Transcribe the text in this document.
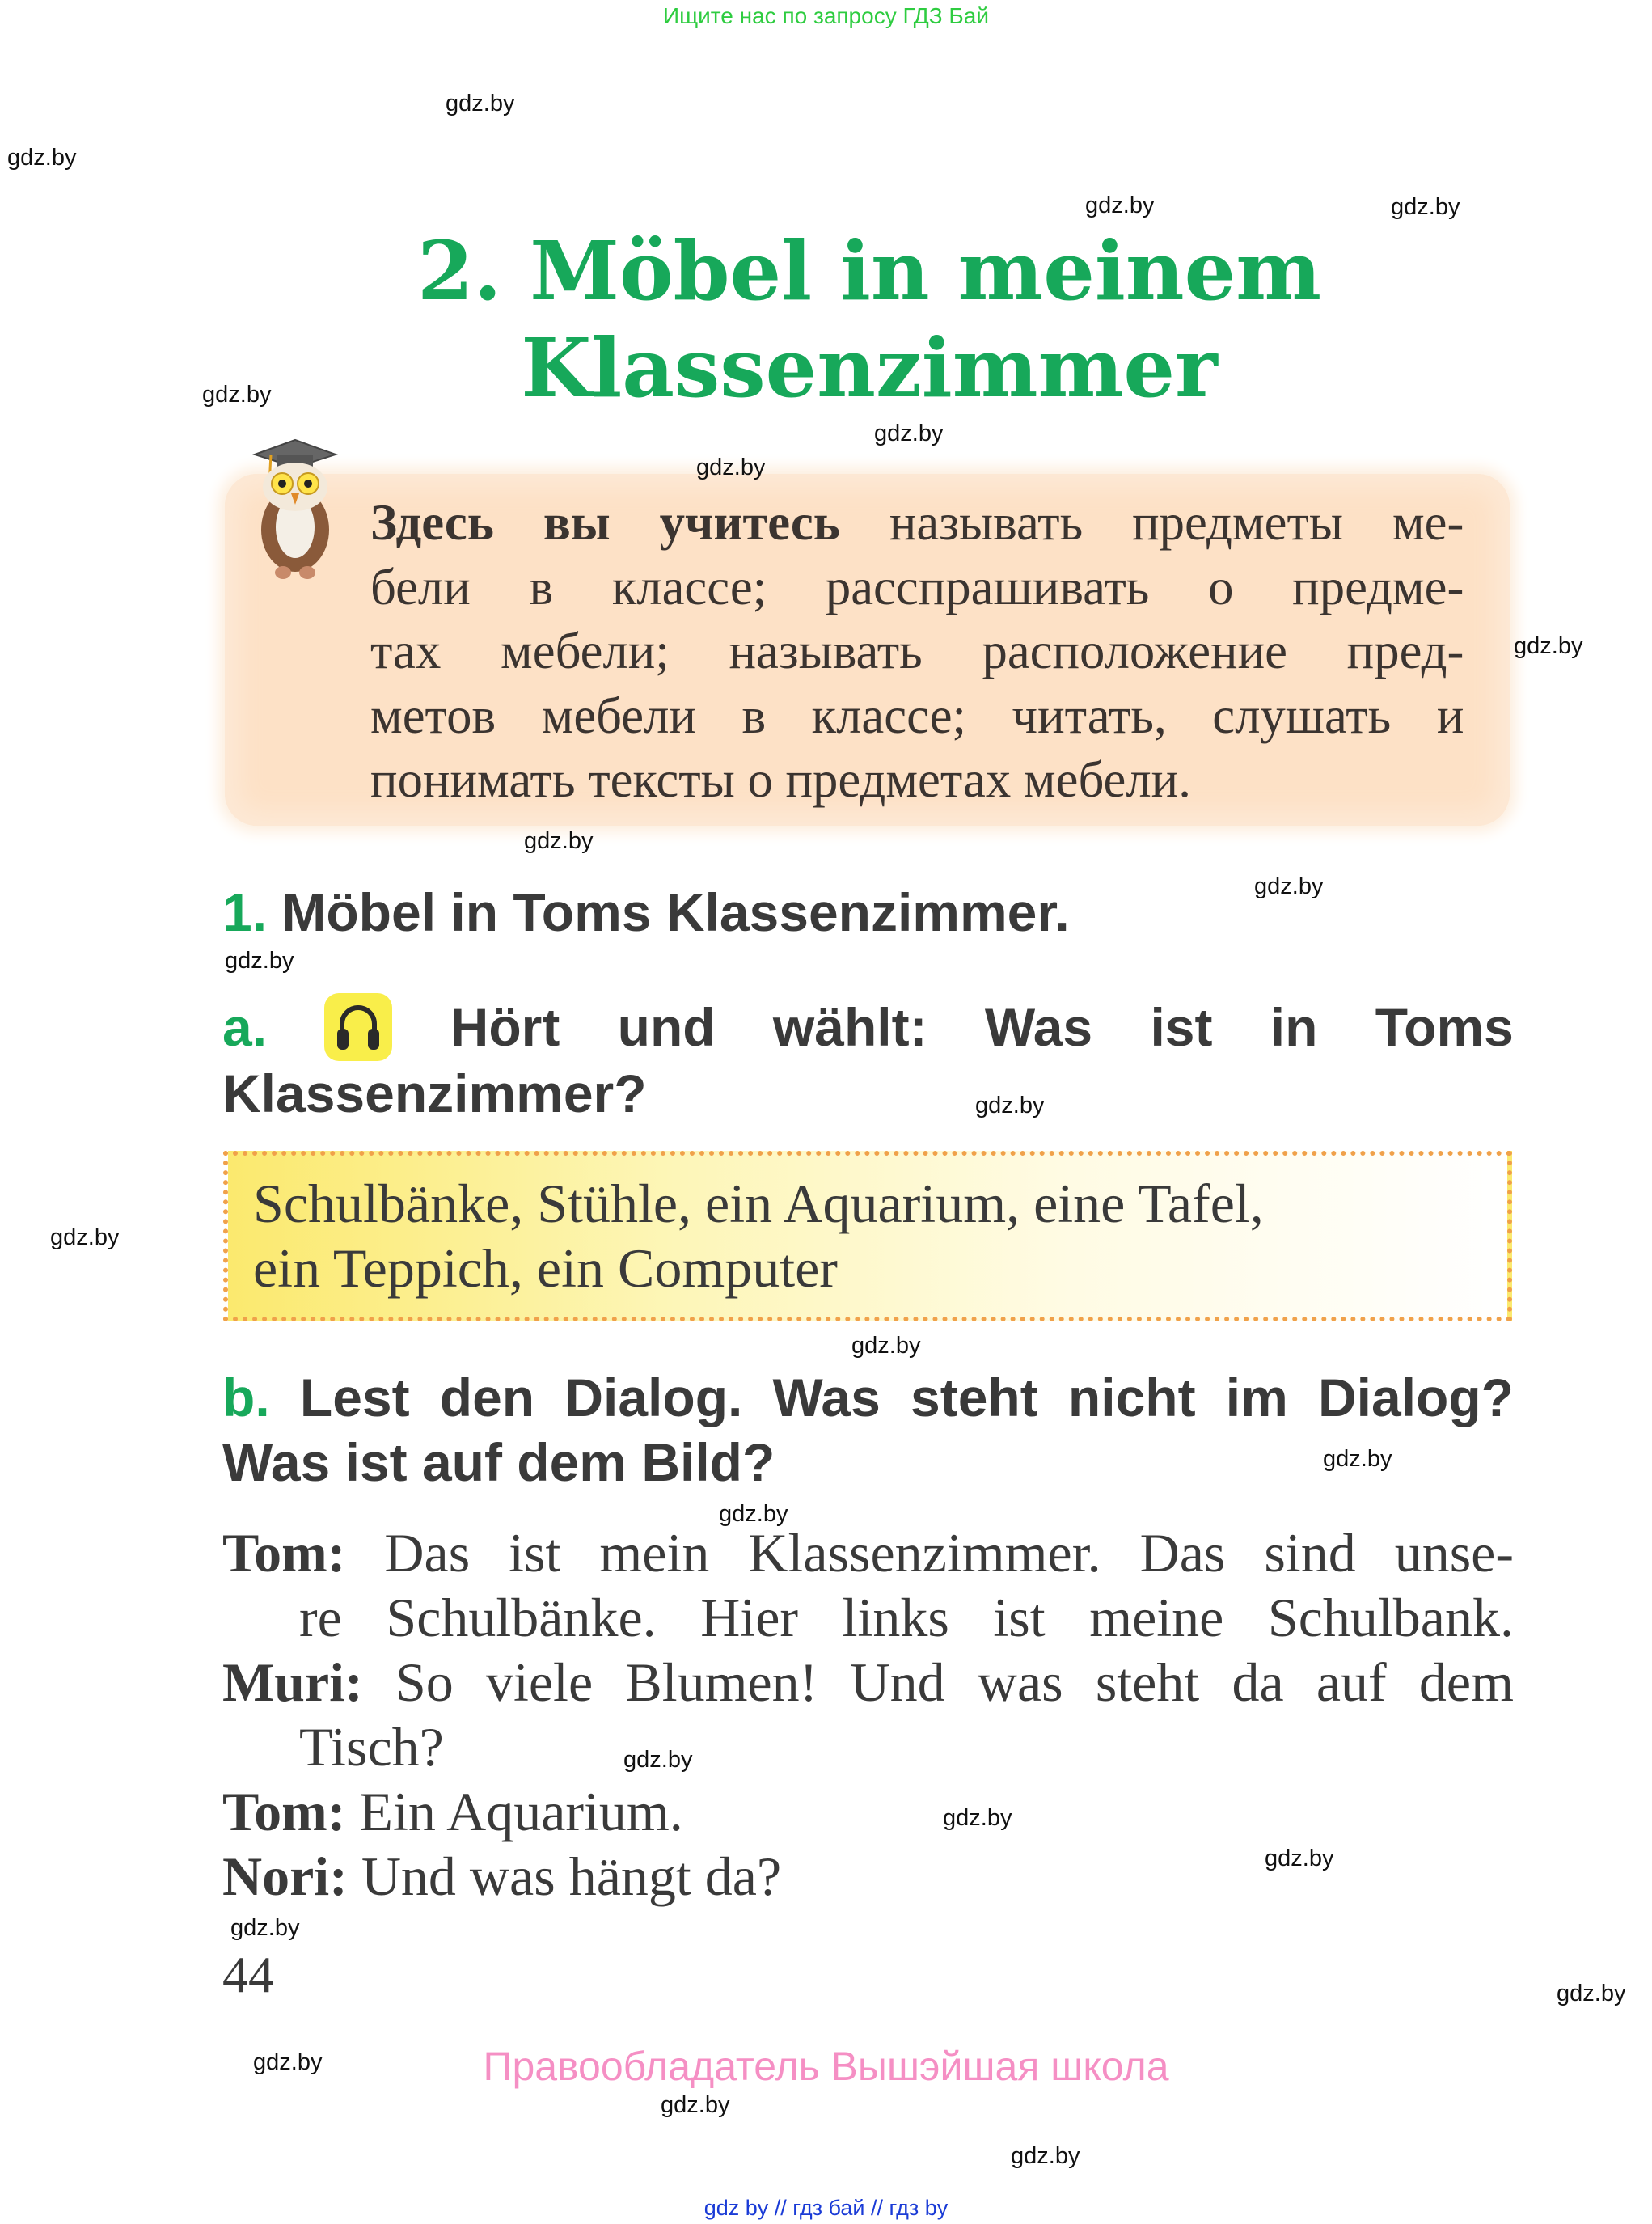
Ищите нас по запросу ГДЗ Бай
gdz.by
gdz.by
gdz.by	gdz.by
gdz.by
gdz.by
gdz.by
gdz.by
gdz.by
gdz.by
gdz.by
gdz.by
gdz.by
gdz.by
gdz.by
gdz.by
gdz.by
gdz.by
gdz.by
gdz.by
gdz.by
gdz.by
gdz.by
gdz.by
2. Möbel in meinem
Klassenzimmer
Здесь вы учитесь называть предметы ме-
бели в классе; расспрашивать о предме-
тах мебели; называть расположение пред-
метов мебели в классе; читать, слушать и
понимать тексты о предметах мебели.
1. Möbel in Toms Klassenzimmer.
a.	Hört und wählt: Was ist in Toms
Klassenzimmer?
Schulbänke, Stühle, ein Aquarium, eine Tafel,
ein Teppich, ein Computer
b. Lest den Dialog. Was steht nicht im Dialog?
Was ist auf dem Bild?
Tom: Das ist mein Klassenzimmer. Das sind unse-
re Schulbänke. Hier links ist meine Schulbank.
Muri: So viele Blumen! Und was steht da auf dem
Tisch?
Tom: Ein Aquarium.
Nori: Und was hängt da?
44
Правообладатель Вышэйшая школа
gdz by // гдз бай // гдз by
